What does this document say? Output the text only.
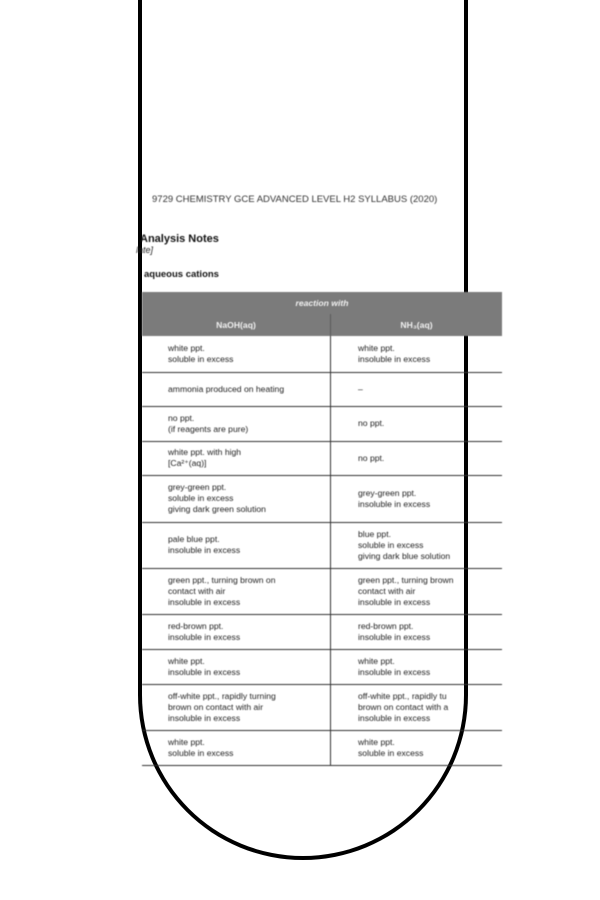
9729 CHEMISTRY GCE ADVANCED LEVEL H2 SYLLABUS (2020)
Analysis Notes
late]
aqueous cations
reaction with	
NaOH(aq)	NH₃(aq)

white ppt.
soluble in excess	white ppt.
insoluble in excess

ammonia produced on heating	–

no ppt.
(if reagents are pure)	no ppt.

white ppt. with high
[Ca²⁺(aq)]	no ppt.

grey-green ppt.
soluble in excess
giving dark green solution	grey-green ppt.
insoluble in excess

pale blue ppt.
insoluble in excess	blue ppt.
soluble in excess
giving dark blue solution

green ppt., turning brown on
contact with air
insoluble in excess	green ppt., turning brown
contact with air
insoluble in excess

red-brown ppt.
insoluble in excess	red-brown ppt.
insoluble in excess

white ppt.
insoluble in excess	white ppt.
insoluble in excess

off-white ppt., rapidly turning
brown on contact with air
insoluble in excess	off-white ppt., rapidly tu
brown on contact with a
insoluble in excess

white ppt.
soluble in excess	white ppt.
soluble in excess
